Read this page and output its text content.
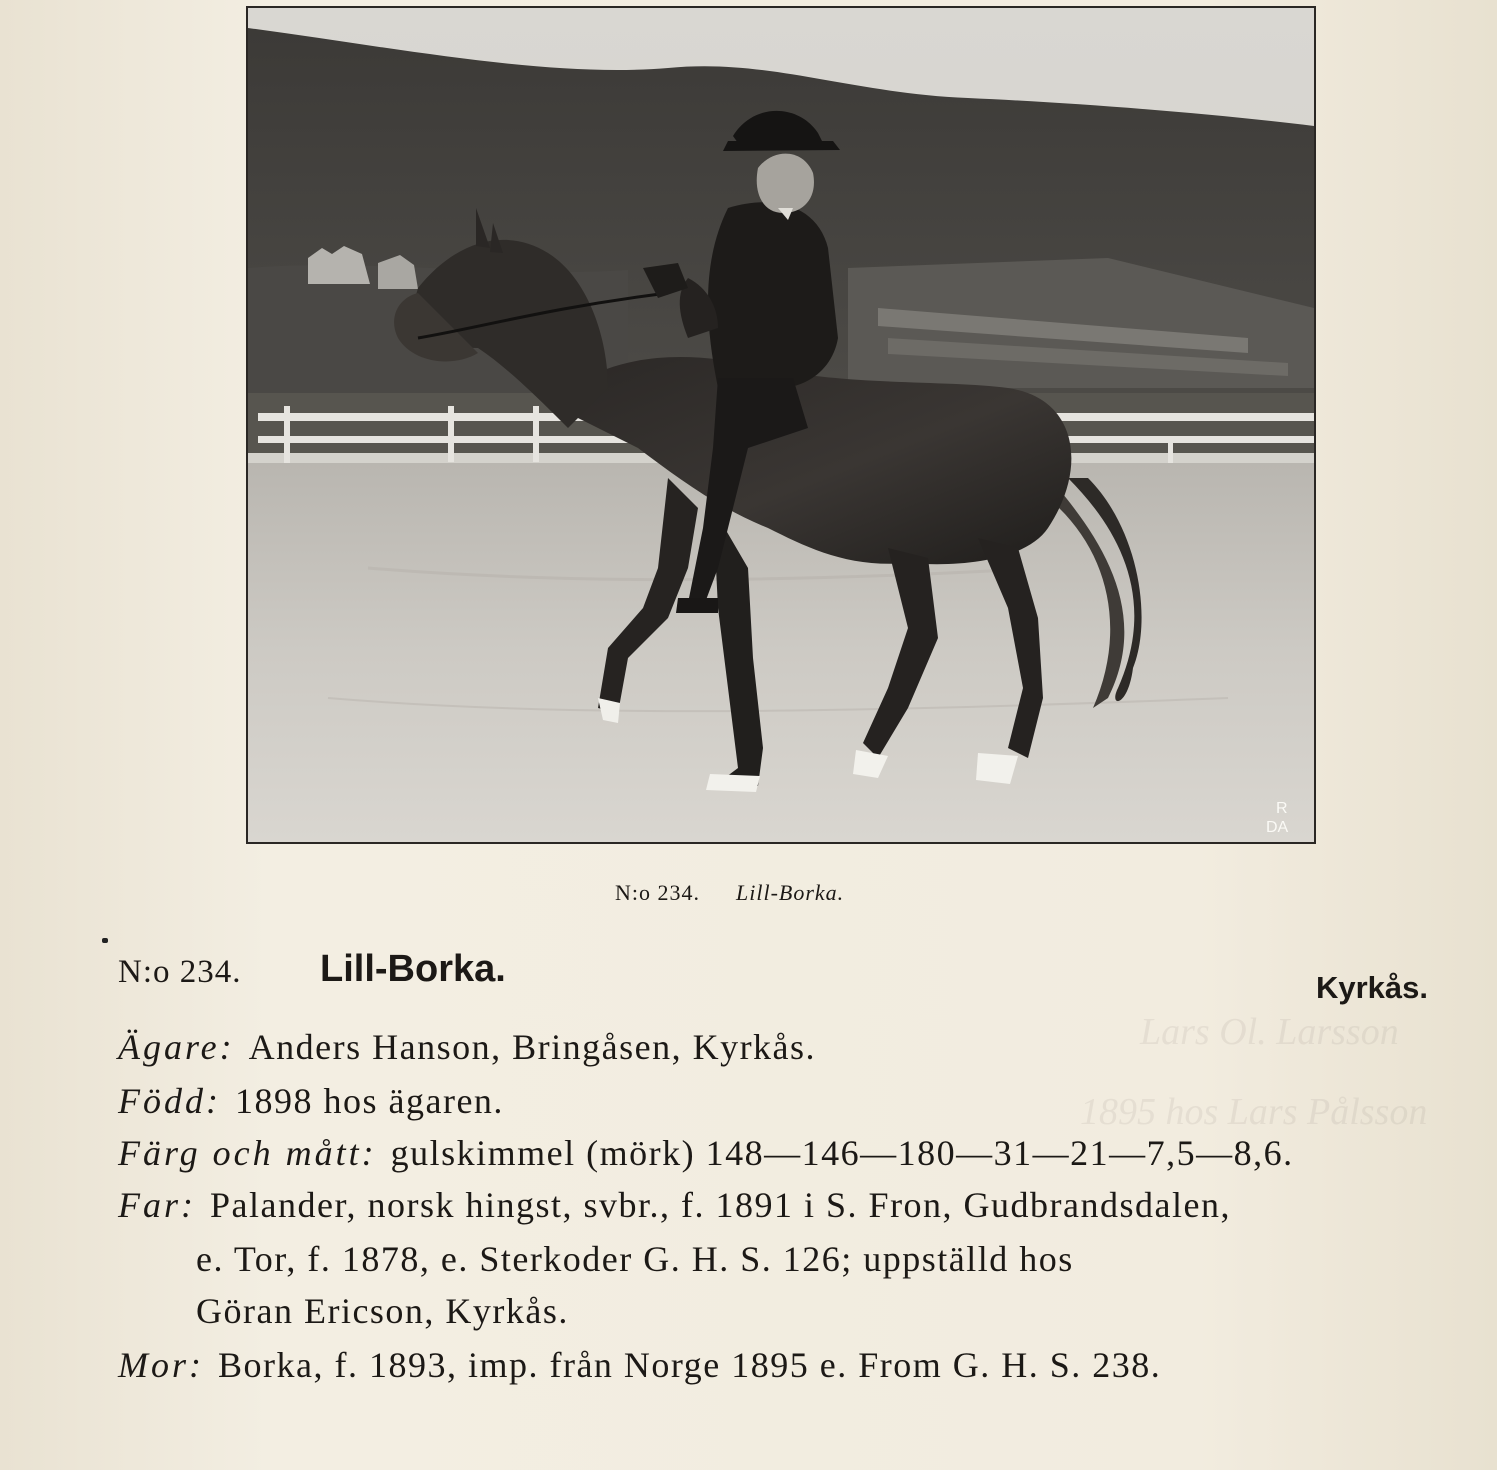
Lars Ol. Larsson
1895 hos Lars Pålsson
R
DA
N:o 234. Lill-Borka.
N:o 234. Lill-Borka.	Kyrkås.
Ägare: Anders Hanson, Bringåsen, Kyrkås.
Född: 1898 hos ägaren.
Färg och mått: gulskimmel (mörk) 148—146—180—31—21—7,5—8,6.
Far: Palander, norsk hingst, svbr., f. 1891 i S. Fron, Gudbrandsdalen,
e. Tor, f. 1878, e. Sterkoder G. H. S. 126; uppställd hos
Göran Ericson, Kyrkås.
Mor: Borka, f. 1893, imp. från Norge 1895 e. From G. H. S. 238.
